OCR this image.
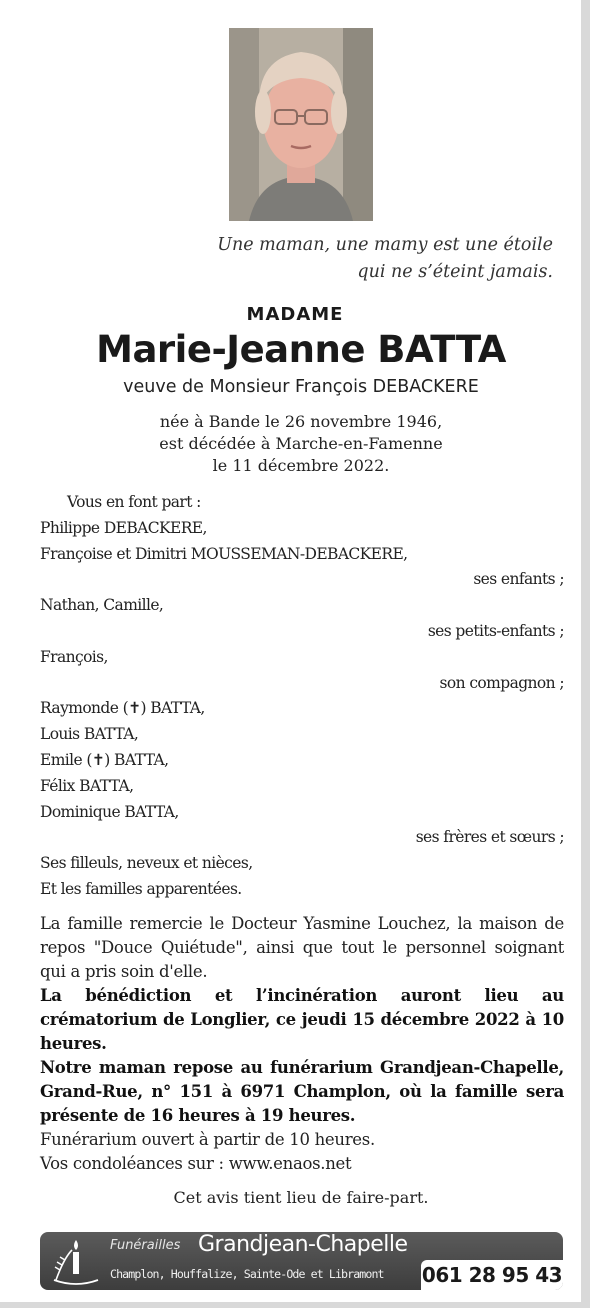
Une maman, une mamy est une étoile
qui ne s’éteint jamais.
MADAME
Marie-Jeanne BATTA
veuve de Monsieur François DEBACKERE
née à Bande le 26 novembre 1946,
est décédée à Marche-en-Famenne
le 11 décembre 2022.
Vous en font part :
Philippe DEBACKERE,
Françoise et Dimitri MOUSSEMAN-DEBACKERE,
ses enfants ;
Nathan, Camille,
ses petits-enfants ;
François,
son compagnon ;
Raymonde (✝) BATTA,
Louis BATTA,
Emile (✝) BATTA,
Félix BATTA,
Dominique BATTA,
ses frères et sœurs ;
Ses filleuls, neveux et nièces,
Et les familles apparentées.

La famille remercie le Docteur Yasmine Louchez, la maison de repos "Douce Quiétude", ainsi que tout le personnel soignant qui a pris soin d'elle.

La bénédiction et l’incinération auront lieu au crématorium de Longlier, ce jeudi 15 décembre 2022 à 10 heures.

Notre maman repose au funérarium Grandjean-Chapelle, Grand-Rue, n° 151 à 6971 Champlon, où la famille sera présente de 16 heures à 19 heures.

Funérarium ouvert à partir de 10 heures.

Vos condoléances sur : www.enaos.net

Cet avis tient lieu de faire-part.
Funérailles Grandjean-Chapelle
Champlon, Houffalize, Sainte-Ode et Libramont 061 28 95 43
